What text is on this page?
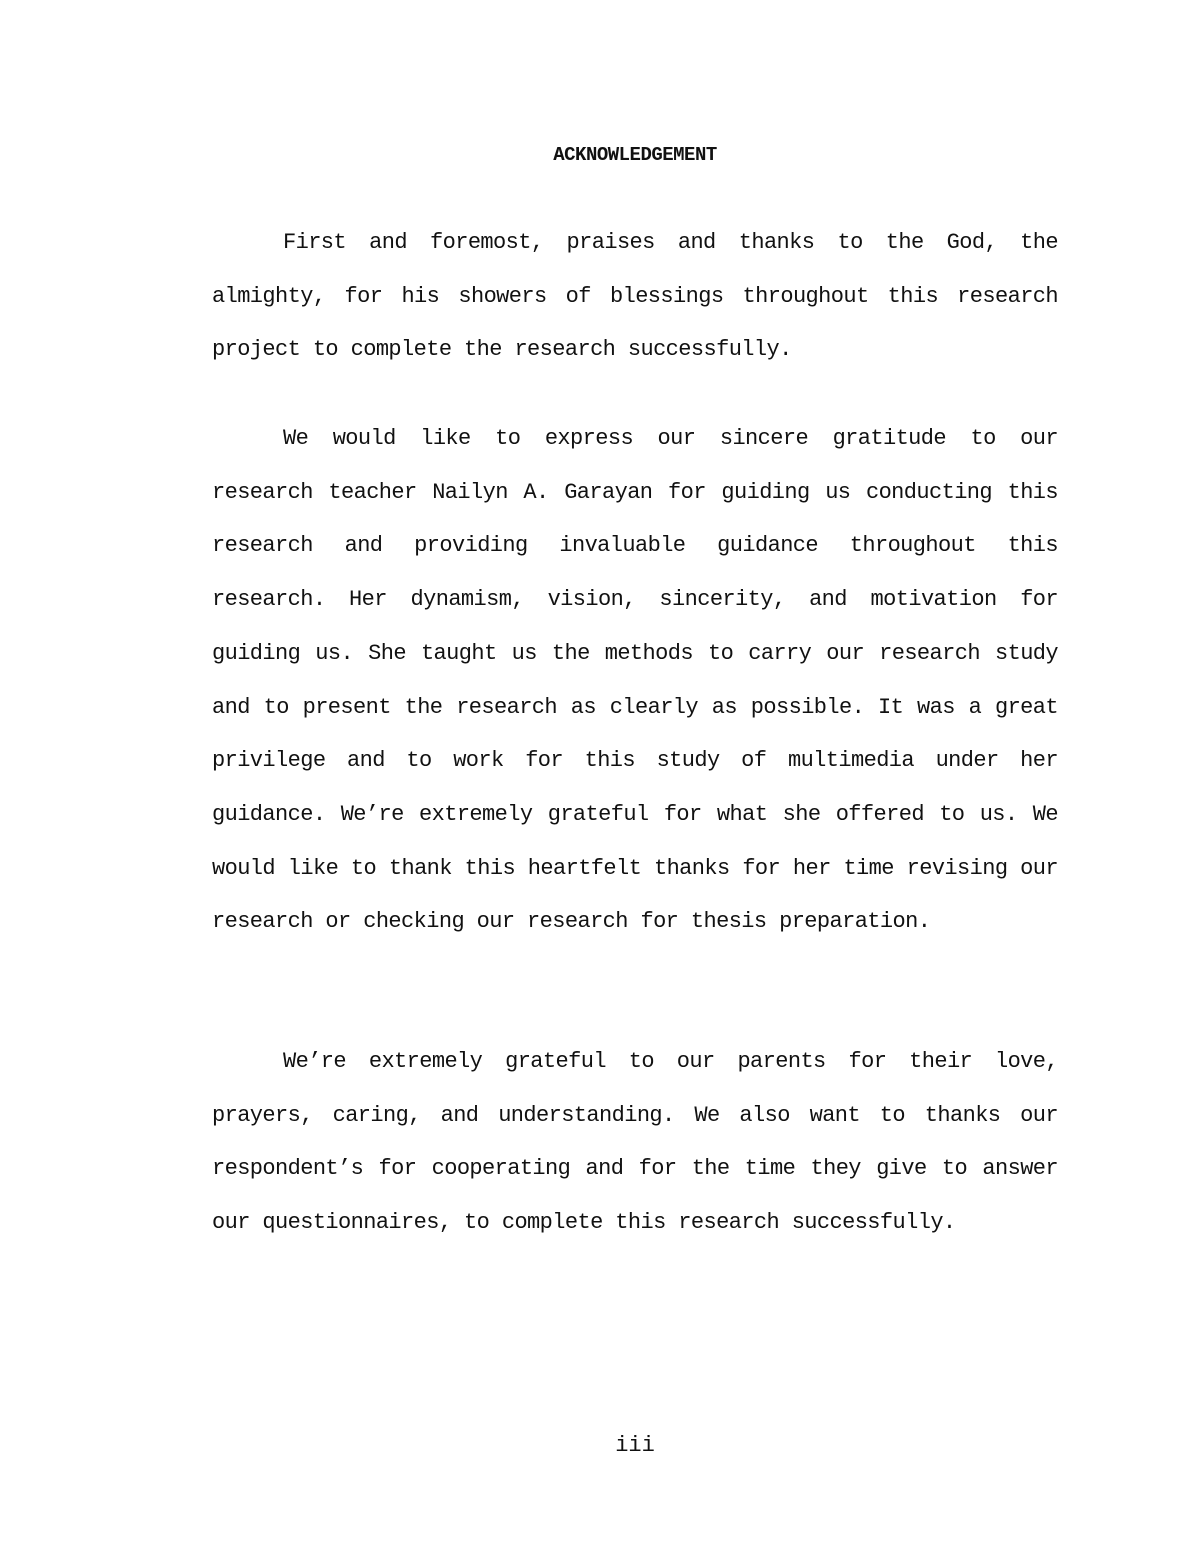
ACKNOWLEDGEMENT

First and foremost, praises and thanks to the God, the almighty, for his showers of blessings throughout this research project to complete the research successfully.

We would like to express our sincere gratitude to our research teacher Nailyn A. Garayan for guiding us conducting this research and providing invaluable guidance throughout this research. Her dynamism, vision, sincerity, and motivation for guiding us. She taught us the methods to carry our research study and to present the research as clearly as possible. It was a great privilege and to work for this study of multimedia under her guidance. We’re extremely grateful for what she offered to us. We would like to thank this heartfelt thanks for her time revising our research or checking our research for thesis preparation.

We’re extremely grateful to our parents for their love, prayers, caring, and understanding. We also want to thanks our respondent’s for cooperating and for the time they give to answer our questionnaires, to complete this research successfully.

iii
